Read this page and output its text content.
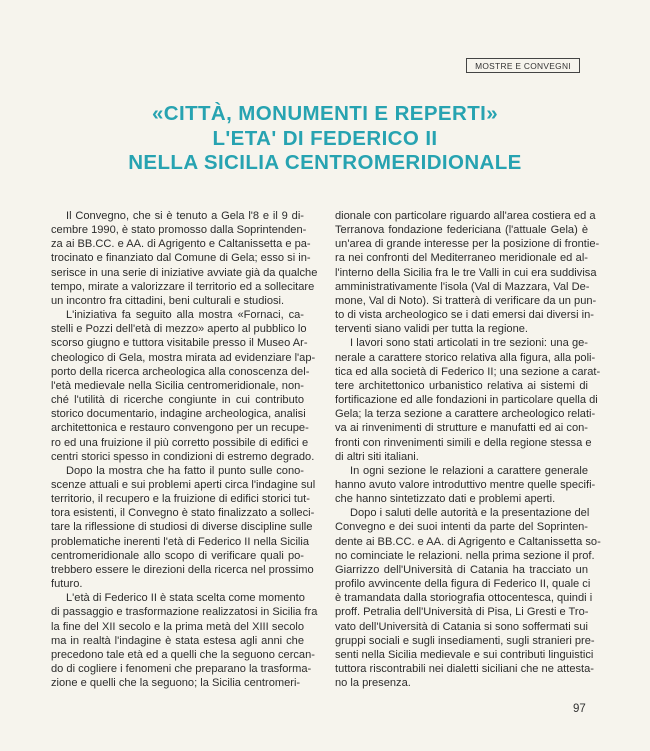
MOSTRE E CONVEGNI
«CITTÀ, MONUMENTI E REPERTI»
L'ETA' DI FEDERICO II
NELLA SICILIA CENTROMERIDIONALE

Il Convegno, che si è tenuto a Gela l'8 e il 9 di-
cembre 1990, è stato promosso dalla Soprintenden-
za ai BB.CC. e AA. di Agrigento e Caltanissetta e pa-
trocinato e finanziato dal Comune di Gela; esso si in-
serisce in una serie di iniziative avviate già da qualche
tempo, mirate a valorizzare il territorio ed a sollecitare
un incontro fra cittadini, beni culturali e studiosi.

L'iniziativa fa seguito alla mostra «Fornaci, ca-
stelli e Pozzi dell'età di mezzo» aperto al pubblico lo
scorso giugno e tuttora visitabile presso il Museo Ar-
cheologico di Gela, mostra mirata ad evidenziare l'ap-
porto della ricerca archeologica alla conoscenza del-
l'età medievale nella Sicilia centromeridionale, non-
ché l'utilità di ricerche congiunte in cui contributo
storico documentario, indagine archeologica, analisi
architettonica e restauro convengono per un recupe-
ro ed una fruizione il più corretto possibile di edifici e
centri storici spesso in condizioni di estremo degrado.

Dopo la mostra che ha fatto il punto sulle cono-
scenze attuali e sui problemi aperti circa l'indagine sul
territorio, il recupero e la fruizione di edifici storici tut-
tora esistenti, il Convegno è stato finalizzato a solleci-
tare la riflessione di studiosi di diverse discipline sulle
problematiche inerenti l'età di Federico II nella Sicilia
centromeridionale allo scopo di verificare quali po-
trebbero essere le direzioni della ricerca nel prossimo
futuro.

L'età di Federico II è stata scelta come momento
di passaggio e trasformazione realizzatosi in Sicilia fra
la fine del XII secolo e la prima metà del XIII secolo
ma in realtà l'indagine è stata estesa agli anni che
precedono tale età ed a quelli che la seguono cercan-
do di cogliere i fenomeni che preparano la trasforma-
zione e quelli che la seguono; la Sicilia centromeri-

dionale con particolare riguardo all'area costiera ed a
Terranova fondazione federiciana (l'attuale Gela) è
un'area di grande interesse per la posizione di frontie-
ra nei confronti del Mediterraneo meridionale ed al-
l'interno della Sicilia fra le tre Valli in cui era suddivisa
amministrativamente l'isola (Val di Mazzara, Val De-
mone, Val di Noto). Si tratterà di verificare da un pun-
to di vista archeologico se i dati emersi dai diversi in-
terventi siano validi per tutta la regione.

I lavori sono stati articolati in tre sezioni: una ge-
nerale a carattere storico relativa alla figura, alla poli-
tica ed alla società di Federico II; una sezione a carat-
tere architettonico urbanistico relativa ai sistemi di
fortificazione ed alle fondazioni in particolare quella di
Gela; la terza sezione a carattere archeologico relati-
va ai rinvenimenti di strutture e manufatti ed ai con-
fronti con rinvenimenti simili e della regione stessa e
di altri siti italiani.

In ogni sezione le relazioni a carattere generale
hanno avuto valore introduttivo mentre quelle specifi-
che hanno sintetizzato dati e problemi aperti.

Dopo i saluti delle autorità e la presentazione del
Convegno e dei suoi intenti da parte del Soprinten-
dente ai BB.CC. e AA. di Agrigento e Caltanissetta so-
no cominciate le relazioni. nella prima sezione il prof.
Giarrizzo dell'Università di Catania ha tracciato un
profilo avvincente della figura di Federico II, quale ci
è tramandata dalla storiografia ottocentesca, quindi i
proff. Petralia dell'Università di Pisa, Li Gresti e Tro-
vato dell'Università di Catania si sono soffermati sui
gruppi sociali e sugli insediamenti, sugli stranieri pre-
senti nella Sicilia medievale e sui contributi linguistici
tuttora riscontrabili nei dialetti siciliani che ne attesta-
no la presenza.

97
